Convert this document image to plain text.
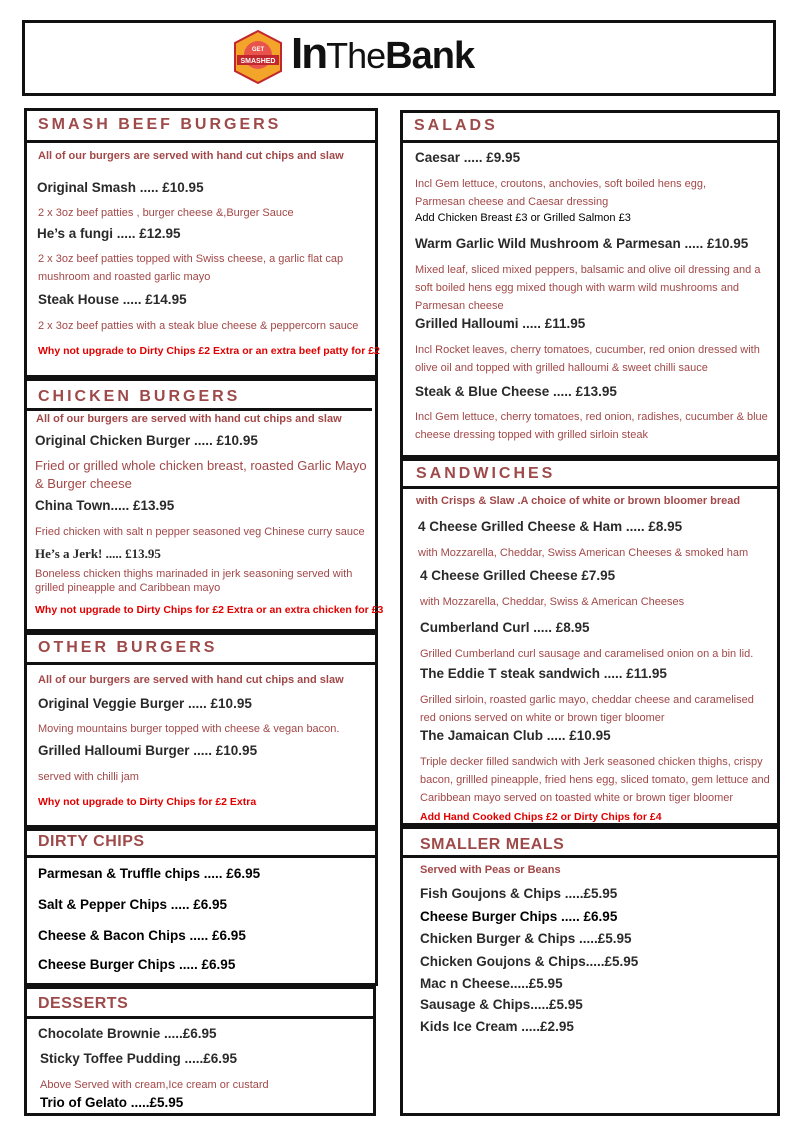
SMASHED
GET InTheBank
SMASH BEEF BURGERS
All of our burgers are served with hand cut chips and slaw
Original Smash ..... £10.95
2 x 3oz beef patties , burger cheese &,Burger Sauce
He’s a fungi ..... £12.95
2 x 3oz beef patties topped with Swiss cheese, a garlic flat cap mushroom and roasted garlic mayo
Steak House ..... £14.95
2 x 3oz beef patties with a steak blue cheese & peppercorn sauce
Why not upgrade to Dirty Chips £2 Extra or an extra beef patty for £2
CHICKEN BURGERS
All of our burgers are served with hand cut chips and slaw
Original Chicken Burger ..... £10.95
Fried or grilled whole chicken breast, roasted Garlic Mayo & Burger cheese
China Town..... £13.95
Fried chicken with salt n pepper seasoned veg Chinese curry sauce
He’s a Jerk! ..... £13.95
Boneless chicken thighs marinaded in jerk seasoning served with grilled pineapple and Caribbean mayo
Why not upgrade to Dirty Chips for £2 Extra or an extra chicken for £3
OTHER BURGERS
All of our burgers are served with hand cut chips and slaw
Original Veggie Burger ..... £10.95
Moving mountains burger topped with cheese & vegan bacon.
Grilled Halloumi Burger ..... £10.95
served with chilli jam
Why not upgrade to Dirty Chips for £2 Extra
DIRTY CHIPS
Parmesan & Truffle chips ..... £6.95
Salt & Pepper Chips ..... £6.95
Cheese & Bacon Chips ..... £6.95
Cheese Burger Chips ..... £6.95
DESSERTS
Chocolate Brownie .....£6.95
Sticky Toffee Pudding .....£6.95
Above Served with cream,Ice cream or custard
Trio of Gelato .....£5.95
SALADS
Caesar ..... £9.95
Incl Gem lettuce, croutons, anchovies, soft boiled hens egg, Parmesan cheese and Caesar dressing
Add Chicken Breast £3 or Grilled Salmon £3
Warm Garlic Wild Mushroom & Parmesan ..... £10.95
Mixed leaf, sliced mixed peppers, balsamic and olive oil dressing and a soft boiled hens egg mixed though with warm wild mushrooms and Parmesan cheese
Grilled Halloumi ..... £11.95
Incl Rocket leaves, cherry tomatoes, cucumber, red onion dressed with olive oil and topped with grilled halloumi & sweet chilli sauce
Steak & Blue Cheese ..... £13.95
Incl Gem lettuce, cherry tomatoes, red onion, radishes, cucumber & blue cheese dressing topped with grilled sirloin steak
SANDWICHES
with Crisps & Slaw .A choice of white or brown bloomer bread
4 Cheese Grilled Cheese & Ham ..... £8.95
with Mozzarella, Cheddar, Swiss American Cheeses & smoked ham
4 Cheese Grilled Cheese £7.95
with Mozzarella, Cheddar, Swiss & American Cheeses
Cumberland Curl ..... £8.95
Grilled Cumberland curl sausage and caramelised onion on a bin lid.
The Eddie T steak sandwich ..... £11.95
Grilled sirloin, roasted garlic mayo, cheddar cheese and caramelised red onions served on white or brown tiger bloomer
The Jamaican Club ..... £10.95
Triple decker filled sandwich with Jerk seasoned chicken thighs, crispy bacon, grillled pineapple, fried hens egg, sliced tomato, gem lettuce and Caribbean mayo served on toasted white or brown tiger bloomer
Add Hand Cooked Chips £2 or Dirty Chips for £4
SMALLER MEALS
Served with Peas or Beans
Fish Goujons & Chips .....£5.95
Cheese Burger Chips ..... £6.95
Chicken Burger & Chips .....£5.95
Chicken Goujons & Chips.....£5.95
Mac n Cheese.....£5.95
Sausage & Chips.....£5.95
Kids Ice Cream .....£2.95
